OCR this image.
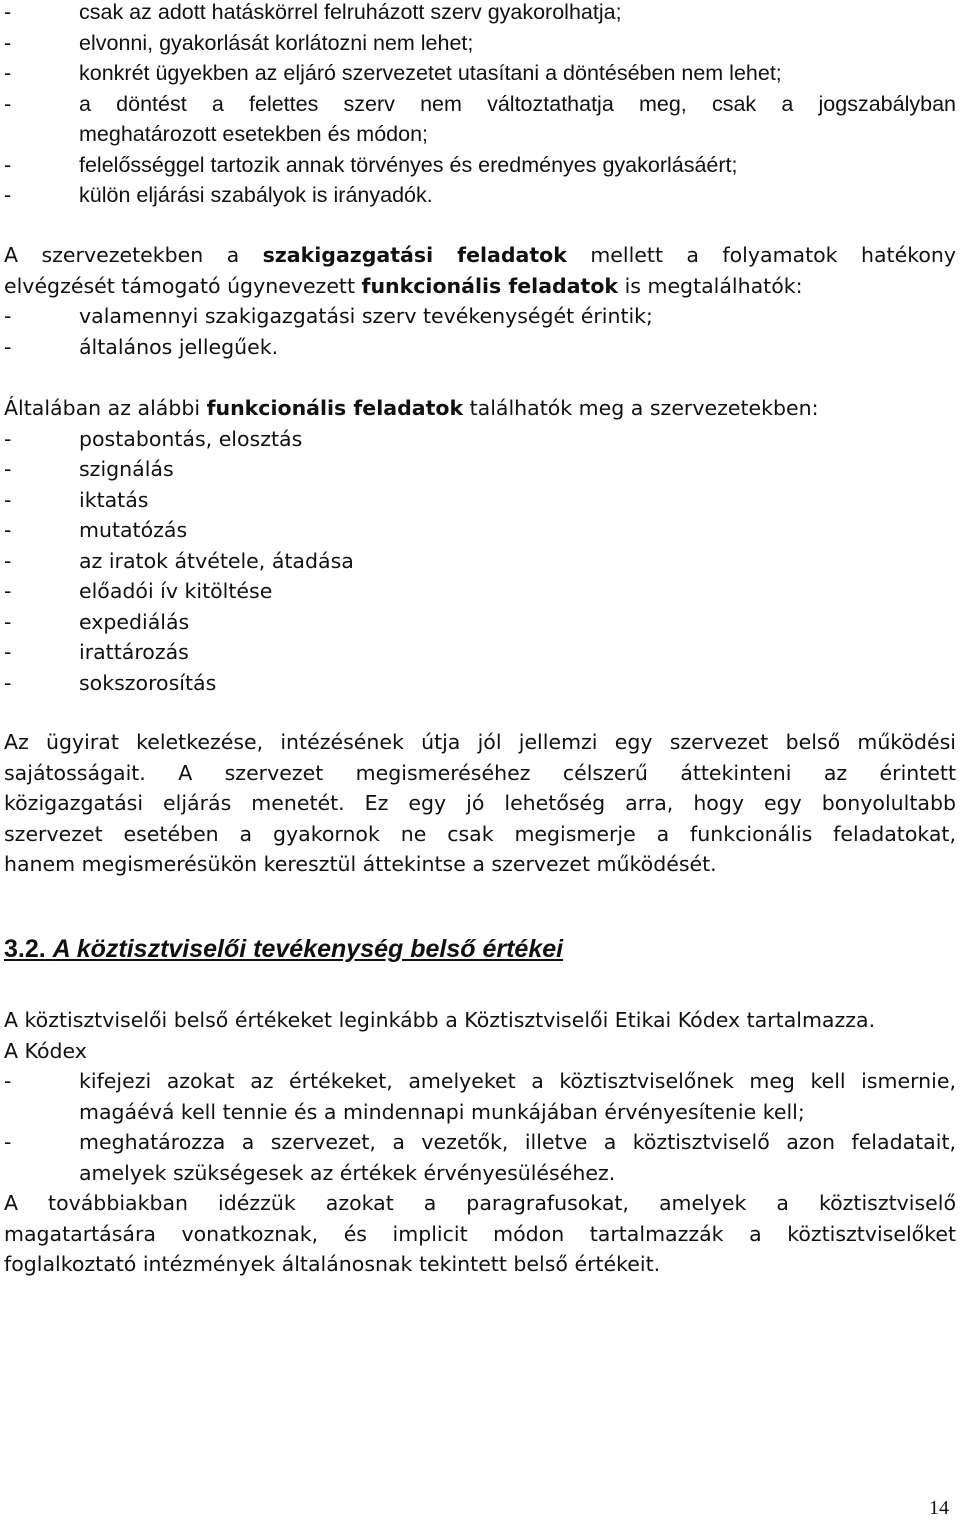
-	csak az adott hatáskörrel felruházott szerv gyakorolhatja;
-	elvonni, gyakorlását korlátozni nem lehet;
-	konkrét ügyekben az eljáró szervezetet utasítani a döntésében nem lehet;
-	a döntést a felettes szerv nem változtathatja meg, csak a jogszabályban
meghatározott esetekben és módon;
-	felelősséggel tartozik annak törvényes és eredményes gyakorlásáért;
-	külön eljárási szabályok is irányadók.
A szervezetekben a szakigazgatási feladatok mellett a folyamatok hatékony
elvégzését támogató úgynevezett funkcionális feladatok is megtalálhatók:
-	valamennyi szakigazgatási szerv tevékenységét érintik;
-	általános jellegűek.
Általában az alábbi funkcionális feladatok találhatók meg a szervezetekben:
-	postabontás, elosztás
-	szignálás
-	iktatás
-	mutatózás
-	az iratok átvétele, átadása
-	előadói ív kitöltése
-	expediálás
-	irattározás
-	sokszorosítás
Az ügyirat keletkezése, intézésének útja jól jellemzi egy szervezet belső működési
sajátosságait. A szervezet megismeréséhez célszerű áttekinteni az érintett
közigazgatási eljárás menetét. Ez egy jó lehetőség arra, hogy egy bonyolultabb
szervezet esetében a gyakornok ne csak megismerje a funkcionális feladatokat,
hanem megismerésükön keresztül áttekintse a szervezet működését.
3.2. A köztisztviselői tevékenység belső értékei
A köztisztviselői belső értékeket leginkább a Köztisztviselői Etikai Kódex tartalmazza.
A Kódex
-	kifejezi azokat az értékeket, amelyeket a köztisztviselőnek meg kell ismernie,
magáévá kell tennie és a mindennapi munkájában érvényesítenie kell;
-	meghatározza a szervezet, a vezetők, illetve a köztisztviselő azon feladatait,
amelyek szükségesek az értékek érvényesüléséhez.
A továbbiakban idézzük azokat a paragrafusokat, amelyek a köztisztviselő
magatartására vonatkoznak, és implicit módon tartalmazzák a köztisztviselőket
foglalkoztató intézmények általánosnak tekintett belső értékeit.
14
